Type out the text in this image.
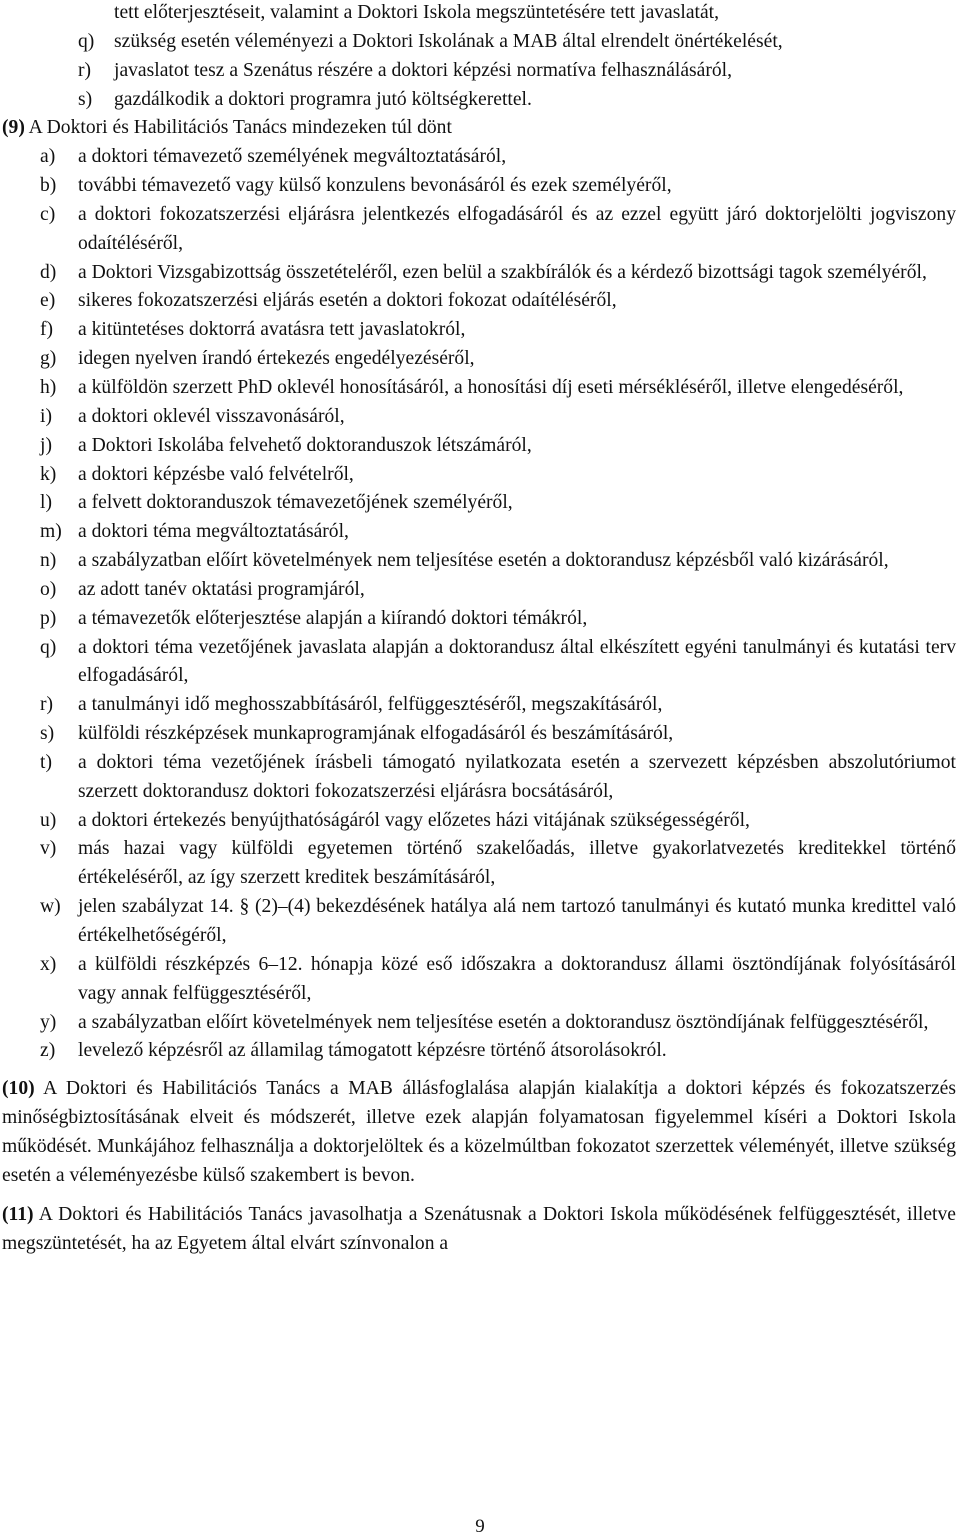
tett előterjesztéseit, valamint a Doktori Iskola megszüntetésére tett javaslatát,
q)	szükség esetén véleményezi a Doktori Iskolának a MAB által elrendelt önértékelését,
r)	javaslatot tesz a Szenátus részére a doktori képzési normatíva felhasználásáról,
s)	gazdálkodik a doktori programra jutó költségkerettel.
(9) A Doktori és Habilitációs Tanács mindezeken túl dönt
a)	a doktori témavezető személyének megváltoztatásáról,
b)	további témavezető vagy külső konzulens bevonásáról és ezek személyéről,
c)	a doktori fokozatszerzési eljárásra jelentkezés elfogadásáról és az ezzel együtt járó doktorjelölti jogviszony odaítéléséről,
d)	a Doktori Vizsgabizottság összetételéről, ezen belül a szakbírálók és a kérdező bizottsági tagok személyéről,
e)	sikeres fokozatszerzési eljárás esetén a doktori fokozat odaítéléséről,
f)	a kitüntetéses doktorrá avatásra tett javaslatokról,
g)	idegen nyelven írandó értekezés engedélyezéséről,
h)	a külföldön szerzett PhD oklevél honosításáról, a honosítási díj eseti mérsékléséről, illetve elengedéséről,
i)	a doktori oklevél visszavonásáról,
j)	a Doktori Iskolába felvehető doktoranduszok létszámáról,
k)	a doktori képzésbe való felvételről,
l)	a felvett doktoranduszok témavezetőjének személyéről,
m) a doktori téma megváltoztatásáról,
n)	a szabályzatban előírt követelmények nem teljesítése esetén a doktorandusz képzésből való kizárásáról,
o)	az adott tanév oktatási programjáról,
p)	a témavezetők előterjesztése alapján a kiírandó doktori témákról,
q)	a doktori téma vezetőjének javaslata alapján a doktorandusz által elkészített egyéni tanulmányi és kutatási terv elfogadásáról,
r)	a tanulmányi idő meghosszabbításáról, felfüggesztéséről, megszakításáról,
s)	külföldi részképzések munkaprogramjának elfogadásáról és beszámításáról,
t)	a doktori téma vezetőjének írásbeli támogató nyilatkozata esetén a szervezett képzésben abszolutóriumot szerzett doktorandusz doktori fokozatszerzési eljárásra bocsátásáról,
u)	a doktori értekezés benyújthatóságáról vagy előzetes házi vitájának szükségességéről,
v)	más hazai vagy külföldi egyetemen történő szakelőadás, illetve gyakorlatvezetés kreditekkel történő értékeléséről, az így szerzett kreditek beszámításáról,
w) jelen szabályzat 14. § (2)–(4) bekezdésének hatálya alá nem tartozó tanulmányi és kutató munka kredittel való értékelhetőségéről,
x)	a külföldi részképzés 6–12. hónapja közé eső időszakra a doktorandusz állami ösztöndíjának folyósításáról vagy annak felfüggesztéséről,
y)	a szabályzatban előírt követelmények nem teljesítése esetén a doktorandusz ösztöndíjának felfüggesztéséről,
z)	levelező képzésről az államilag támogatott képzésre történő átsorolásokról.
(10) A Doktori és Habilitációs Tanács a MAB állásfoglalása alapján kialakítja a doktori képzés és fokozatszerzés minőségbiztosításának elveit és módszerét, illetve ezek alapján folyamatosan figyelemmel kíséri a Doktori Iskola működését. Munkájához felhasználja a doktorjelöltek és a közelmúltban fokozatot szerzettek véleményét, illetve szükség esetén a véleményezésbe külső szakembert is bevon.
(11) A Doktori és Habilitációs Tanács javasolhatja a Szenátusnak a Doktori Iskola működésének felfüggesztését, illetve megszüntetését, ha az Egyetem által elvárt színvonalon a
9
